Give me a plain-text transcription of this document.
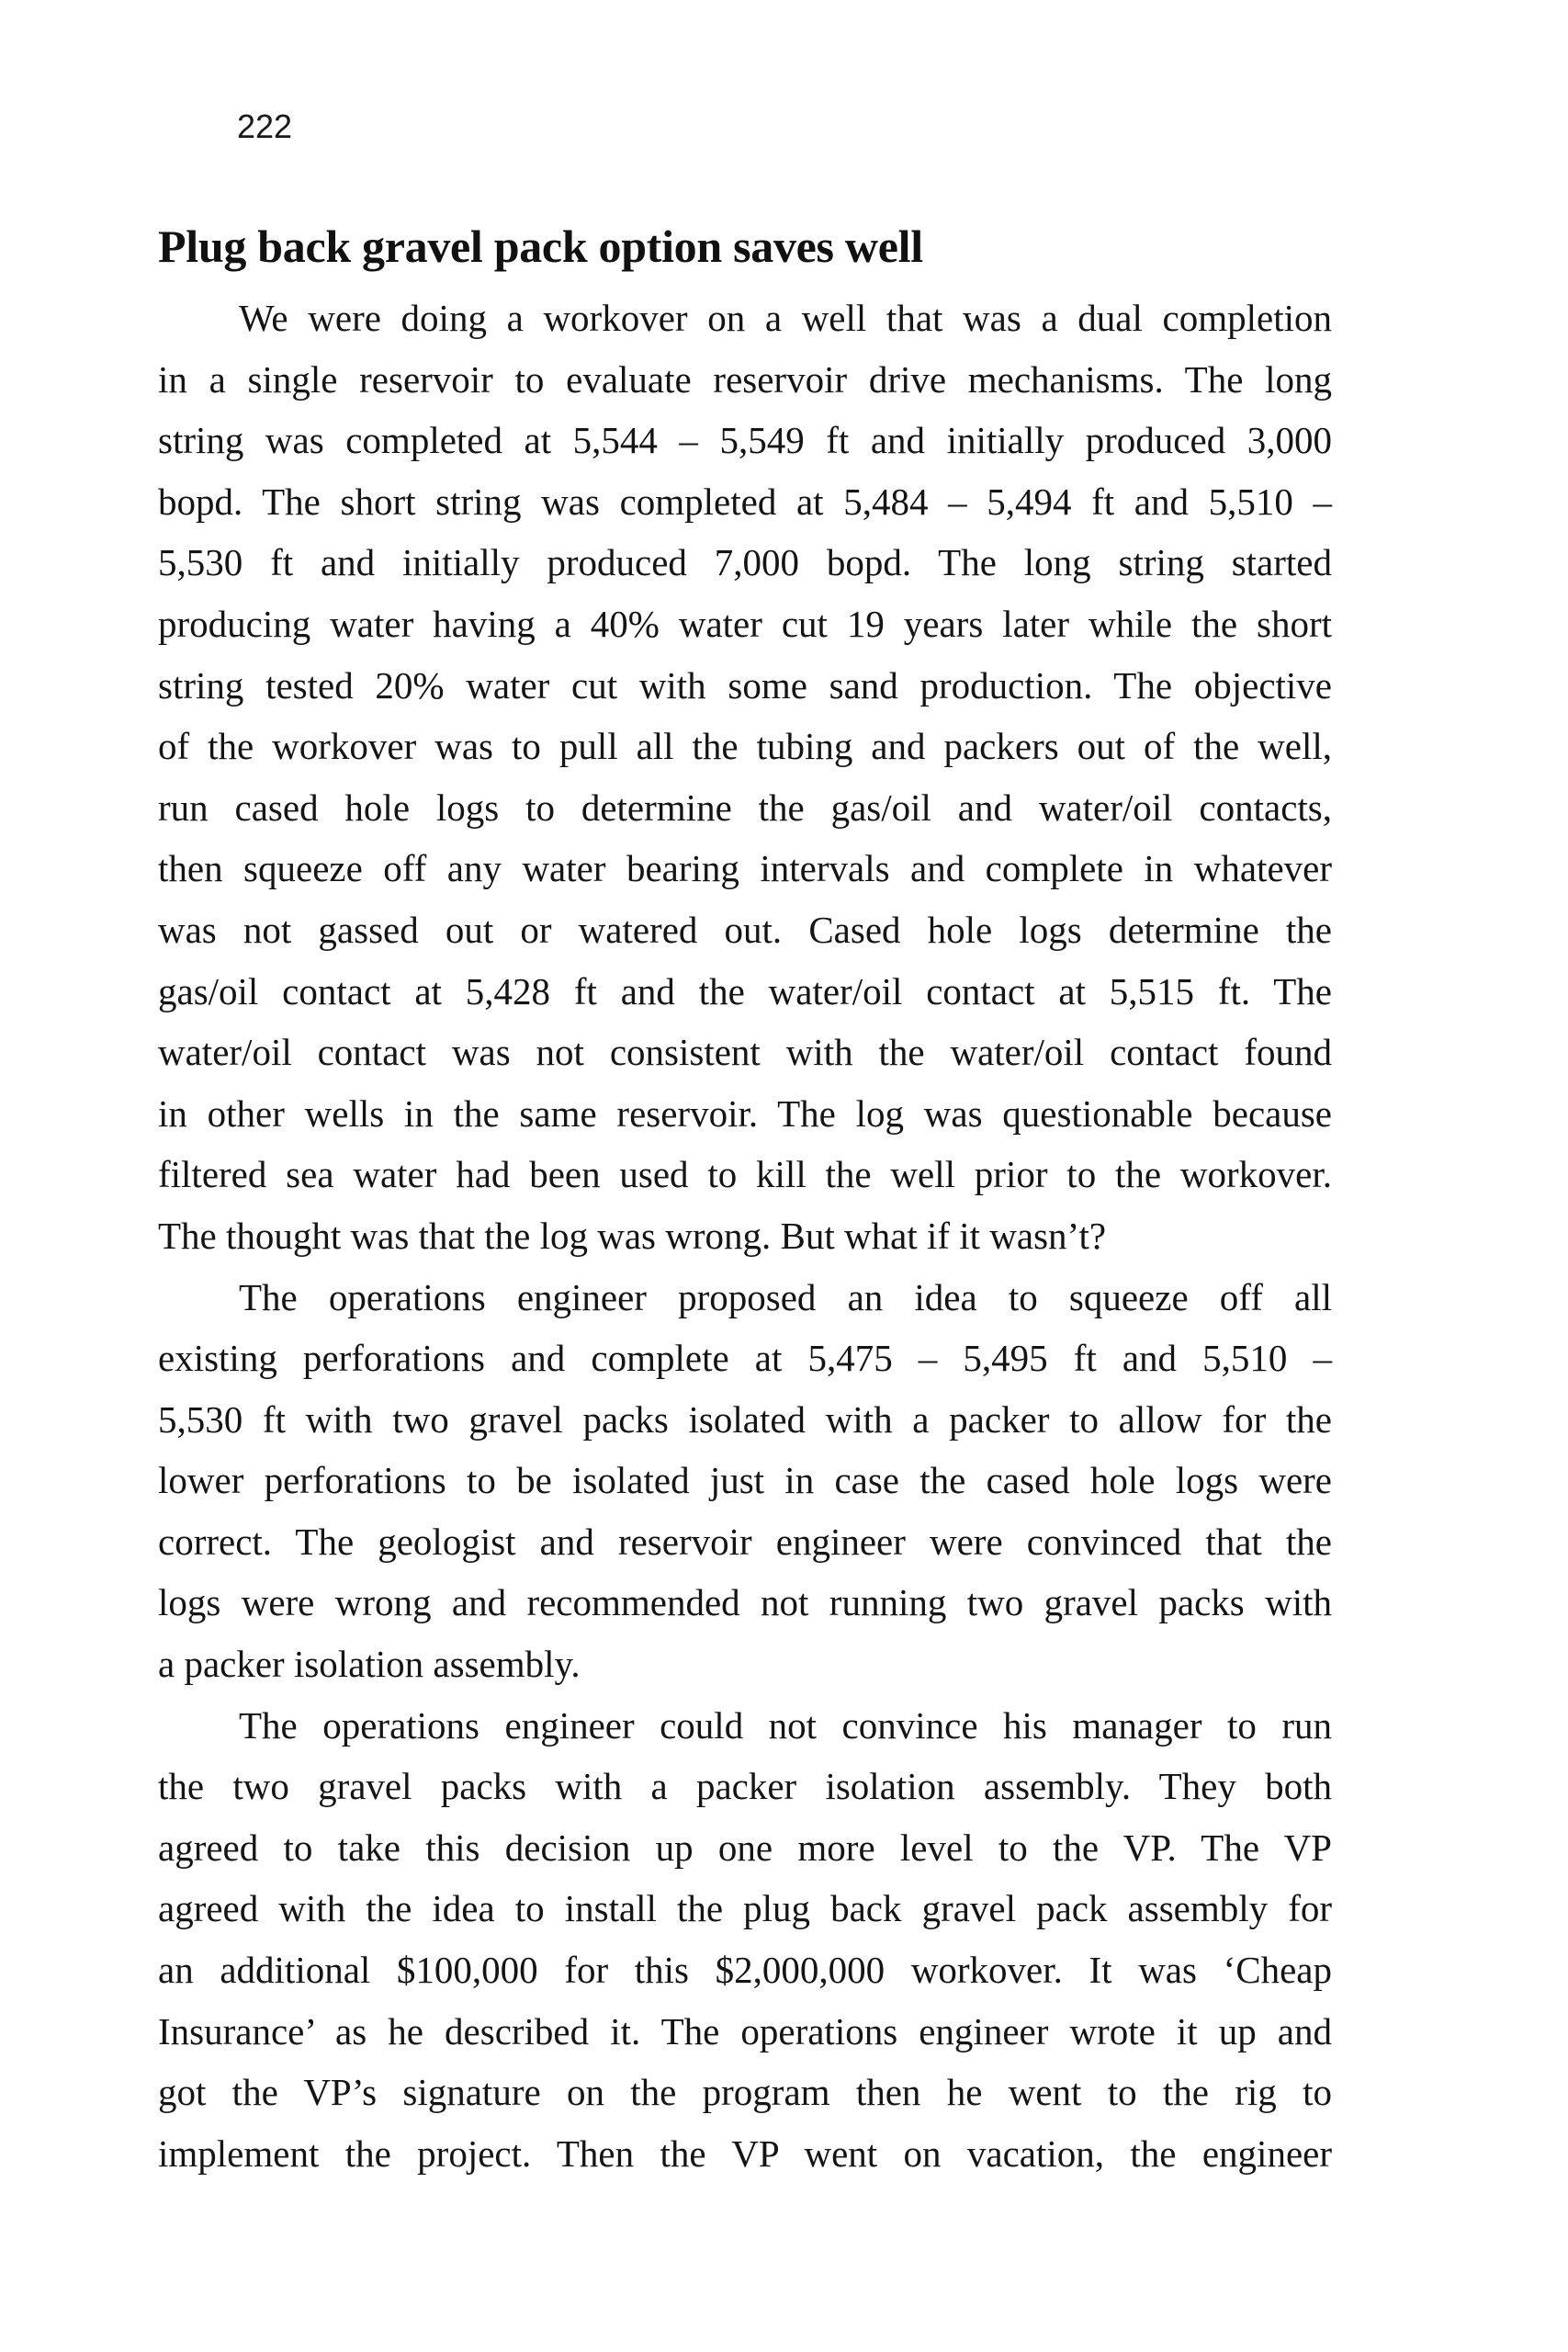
222
Plug back gravel pack option saves well
We were doing a workover on a well that was a dual completion
in a single reservoir to evaluate reservoir drive mechanisms. The long
string was completed at 5,544 – 5,549 ft and initially produced 3,000
bopd. The short string was completed at 5,484 – 5,494 ft and 5,510 –
5,530 ft and initially produced 7,000 bopd. The long string started
producing water having a 40% water cut 19 years later while the short
string tested 20% water cut with some sand production. The objective
of the workover was to pull all the tubing and packers out of the well,
run cased hole logs to determine the gas/oil and water/oil contacts,
then squeeze off any water bearing intervals and complete in whatever
was not gassed out or watered out. Cased hole logs determine the
gas/oil contact at 5,428 ft and the water/oil contact at 5,515 ft. The
water/oil contact was not consistent with the water/oil contact found
in other wells in the same reservoir. The log was questionable because
filtered sea water had been used to kill the well prior to the workover.
The thought was that the log was wrong. But what if it wasn’t?
The operations engineer proposed an idea to squeeze off all
existing perforations and complete at 5,475 – 5,495 ft and 5,510 –
5,530 ft with two gravel packs isolated with a packer to allow for the
lower perforations to be isolated just in case the cased hole logs were
correct. The geologist and reservoir engineer were convinced that the
logs were wrong and recommended not running two gravel packs with
a packer isolation assembly.
The operations engineer could not convince his manager to run
the two gravel packs with a packer isolation assembly. They both
agreed to take this decision up one more level to the VP. The VP
agreed with the idea to install the plug back gravel pack assembly for
an additional $100,000 for this $2,000,000 workover. It was ‘Cheap
Insurance’ as he described it. The operations engineer wrote it up and
got the VP’s signature on the program then he went to the rig to
implement the project. Then the VP went on vacation, the engineer
